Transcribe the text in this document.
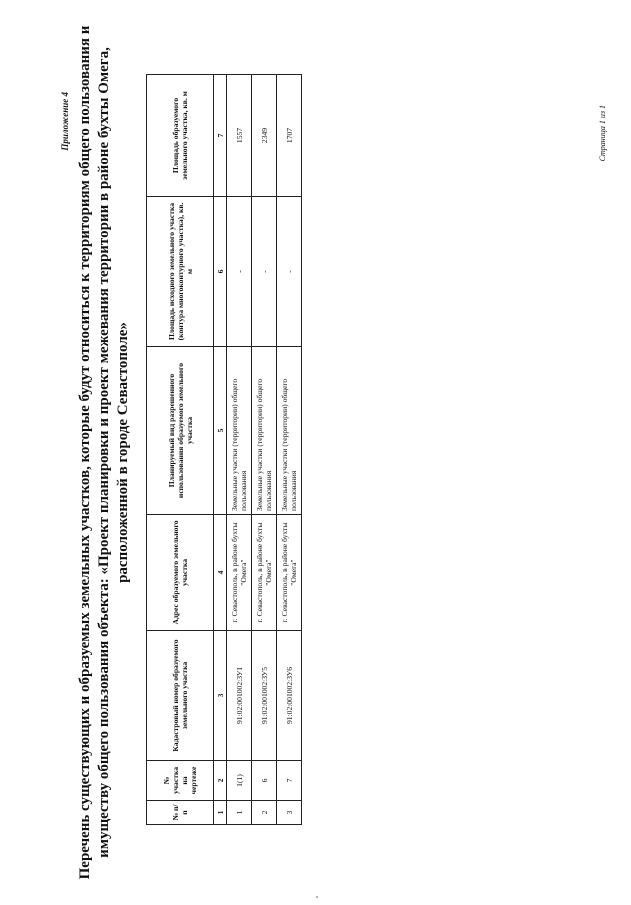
Приложение 4 Перечень существующих и образуемых земельных участков, которые будут относиться к территориям общего пользования и имуществу общего пользования объекта: «Проект планировки и проект межевания территории в районе бухты Омега, расположенной в городе Севастополе»
№ п/п	№ участка на чертеже	Кадастровый номер образуемого земельного участка	Адрес образуемого земельного участка	Планируемый вид разрешенного использования образуемого земельного участка	Площадь исходного земельного участка (контура многоконтурного участка), кв. м	Площадь образуемого земельного участка, кв. м
1	2	3	4	5	6	7
1	1(1)	91:02:001002:ЗУ1	г. Севастополь, в районе бухты "Омега"	Земельные участки (территории) общего пользования	-	1557
2	6	91:02:001002:ЗУ5	г. Севастополь, в районе бухты "Омега"	Земельные участки (территории) общего пользования	-	2349
3	7	91:02:001002:ЗУ6	г. Севастополь, в районе бухты "Омега"	Земельные участки (территории) общего пользования	-	1707	Страница 1 из 1
